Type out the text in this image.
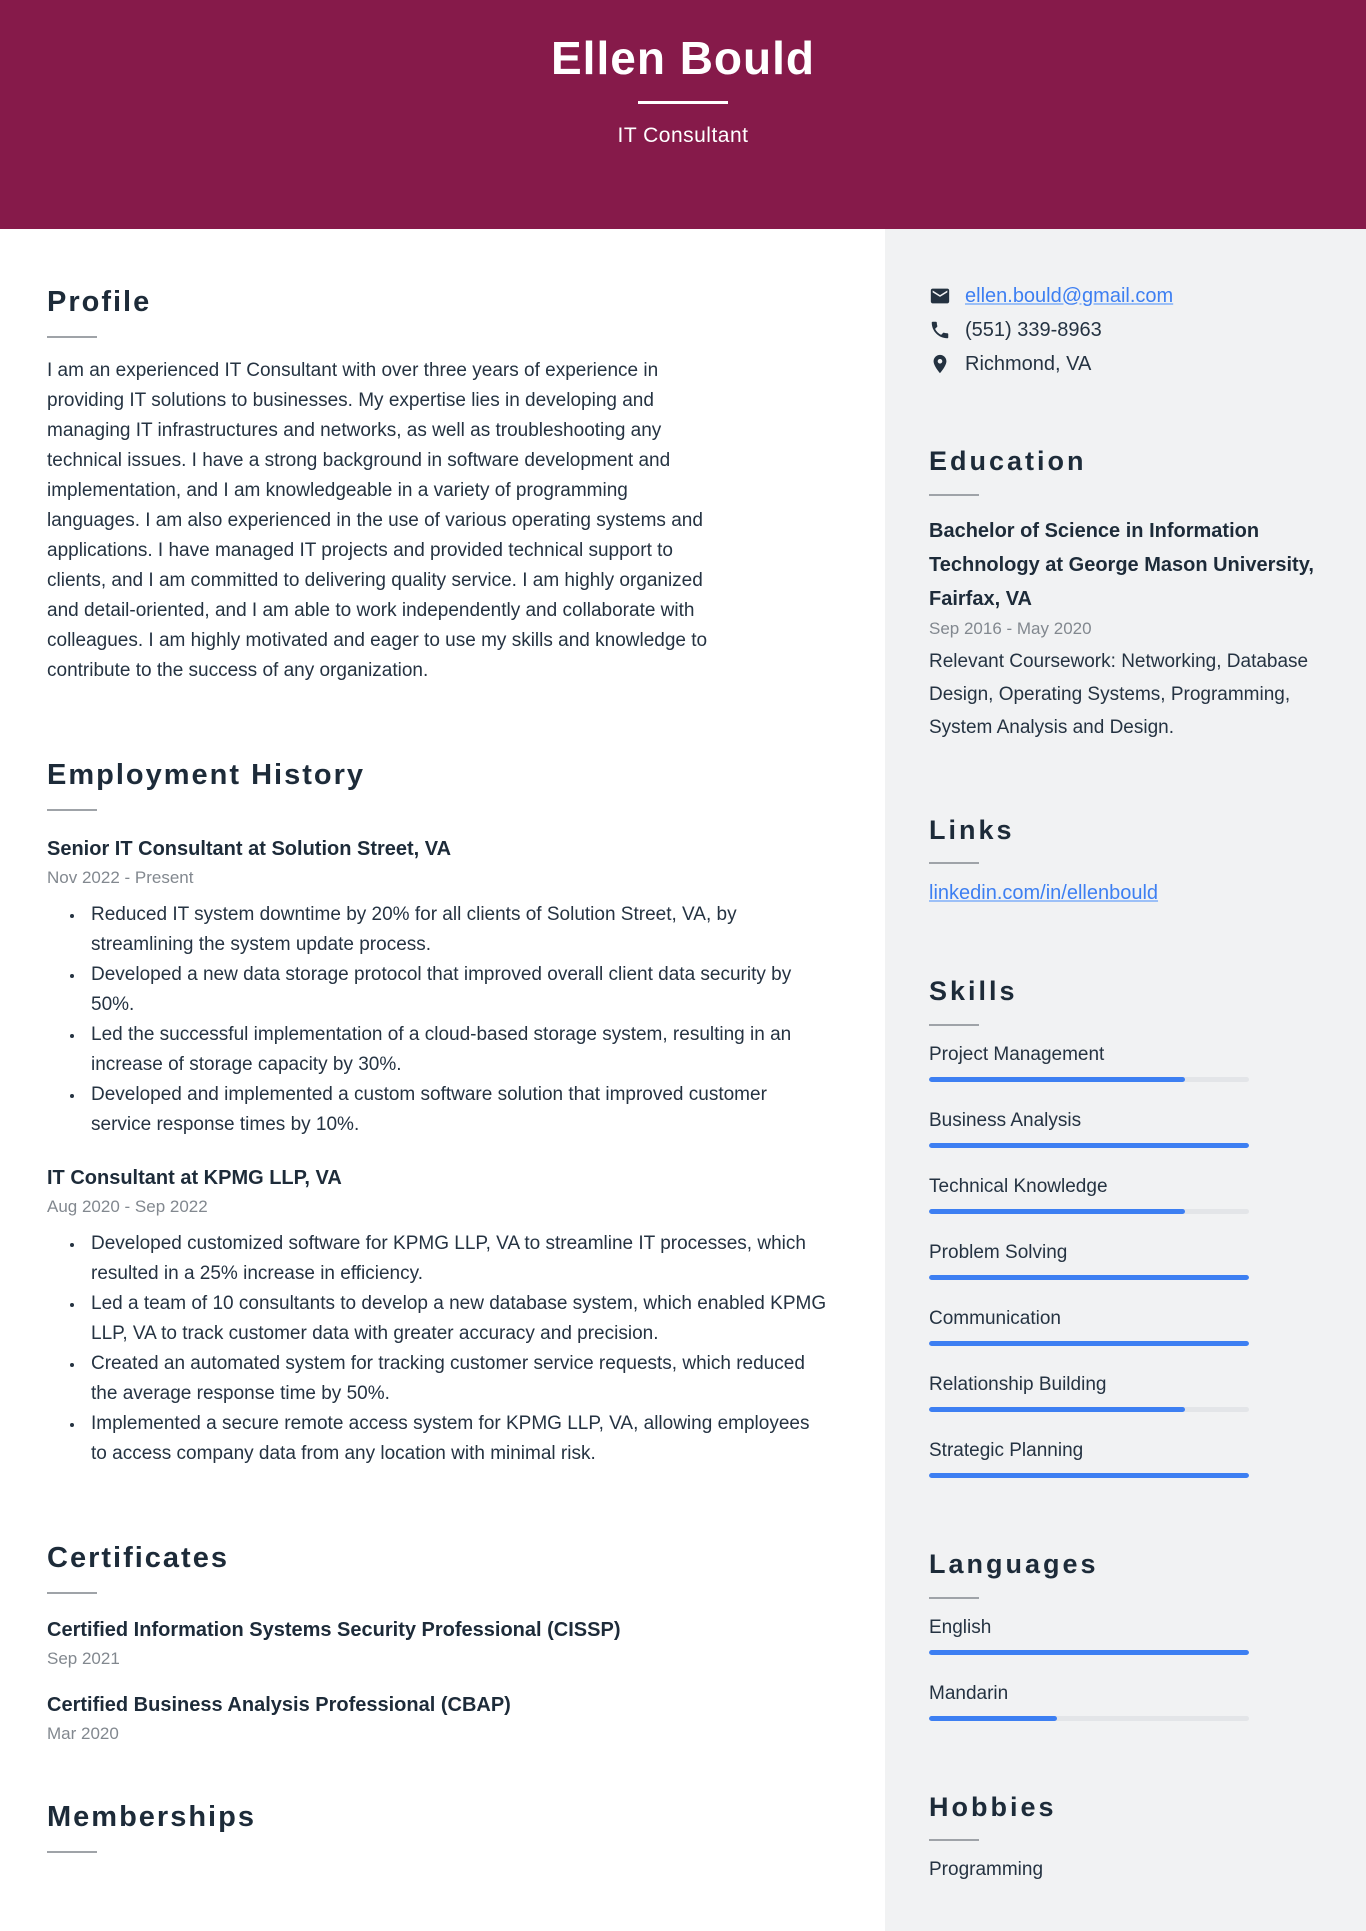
Ellen Bould
IT Consultant
Profile
I am an experienced IT Consultant with over three years of experience in providing IT solutions to businesses. My expertise lies in developing and managing IT infrastructures and networks, as well as troubleshooting any technical issues. I have a strong background in software development and implementation, and I am knowledgeable in a variety of programming languages. I am also experienced in the use of various operating systems and applications. I have managed IT projects and provided technical support to clients, and I am committed to delivering quality service. I am highly organized and detail-oriented, and I am able to work independently and collaborate with colleagues. I am highly motivated and eager to use my skills and knowledge to contribute to the success of any organization.
Employment History
Senior IT Consultant at Solution Street, VA
Nov 2022 - Present
• Reduced IT system downtime by 20% for all clients of Solution Street, VA, by streamlining the system update process.
• Developed a new data storage protocol that improved overall client data security by 50%.
• Led the successful implementation of a cloud-based storage system, resulting in an increase of storage capacity by 30%.
• Developed and implemented a custom software solution that improved customer service response times by 10%.
IT Consultant at KPMG LLP, VA
Aug 2020 - Sep 2022
• Developed customized software for KPMG LLP, VA to streamline IT processes, which resulted in a 25% increase in efficiency.
• Led a team of 10 consultants to develop a new database system, which enabled KPMG LLP, VA to track customer data with greater accuracy and precision.
• Created an automated system for tracking customer service requests, which reduced the average response time by 50%.
• Implemented a secure remote access system for KPMG LLP, VA, allowing employees to access company data from any location with minimal risk.
Certificates
Certified Information Systems Security Professional (CISSP)
Sep 2021
Certified Business Analysis Professional (CBAP)
Mar 2020
Memberships
ellen.bould@gmail.com
(551) 339-8963
Richmond, VA
Education
Bachelor of Science in Information Technology at George Mason University, Fairfax, VA
Sep 2016 - May 2020
Relevant Coursework: Networking, Database Design, Operating Systems, Programming, System Analysis and Design.
Links
linkedin.com/in/ellenbould
Skills
Project Management
Business Analysis
Technical Knowledge
Problem Solving
Communication
Relationship Building
Strategic Planning
Languages
English
Mandarin
Hobbies
Programming
